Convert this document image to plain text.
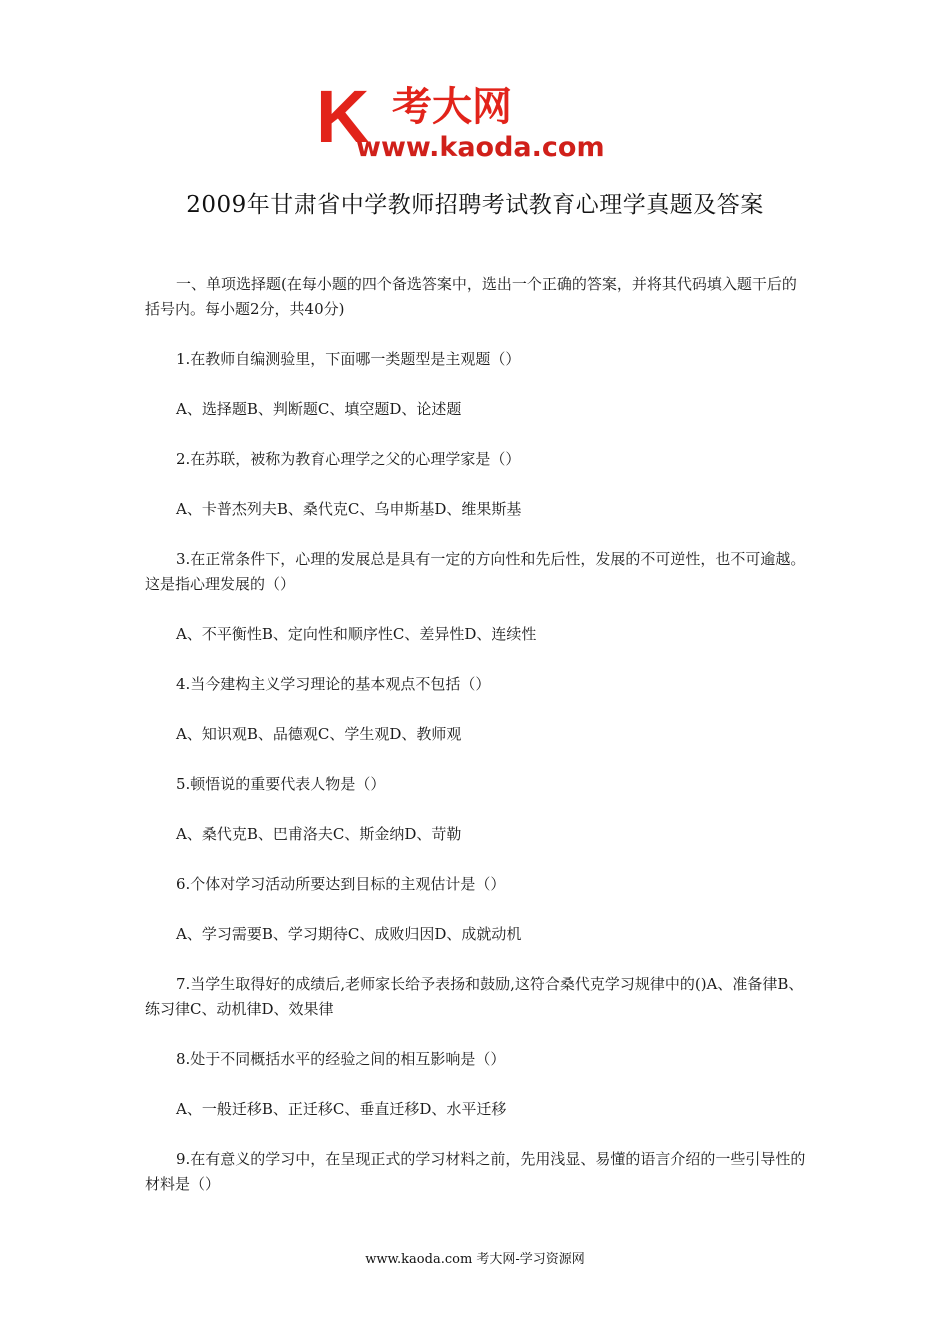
K 考大网
www.kaoda.com
2009年甘肃省中学教师招聘考试教育心理学真题及答案

一、单项选择题(在每小题的四个备选答案中，选出一个正确的答案，并将其代码填入题干后的括号内。每小题2分，共40分)

1.在教师自编测验里，下面哪一类题型是主观题（）

A、选择题B、判断题C、填空题D、论述题

2.在苏联，被称为教育心理学之父的心理学家是（）

A、卡普杰列夫B、桑代克C、乌申斯基D、维果斯基

3.在正常条件下，心理的发展总是具有一定的方向性和先后性，发展的不可逆性，也不可逾越。这是指心理发展的（）

A、不平衡性B、定向性和顺序性C、差异性D、连续性

4.当今建构主义学习理论的基本观点不包括（）

A、知识观B、品德观C、学生观D、教师观

5.顿悟说的重要代表人物是（）

A、桑代克B、巴甫洛夫C、斯金纳D、苛勒

6.个体对学习活动所要达到目标的主观估计是（）

A、学习需要B、学习期待C、成败归因D、成就动机

7.当学生取得好的成绩后,老师家长给予表扬和鼓励,这符合桑代克学习规律中的()A、准备律B、练习律C、动机律D、效果律

8.处于不同概括水平的经验之间的相互影响是（）

A、一般迁移B、正迁移C、垂直迁移D、水平迁移

9.在有意义的学习中，在呈现正式的学习材料之前，先用浅显、易懂的语言介绍的一些引导性的材料是（）

www.kaoda.com 考大网-学习资源网
